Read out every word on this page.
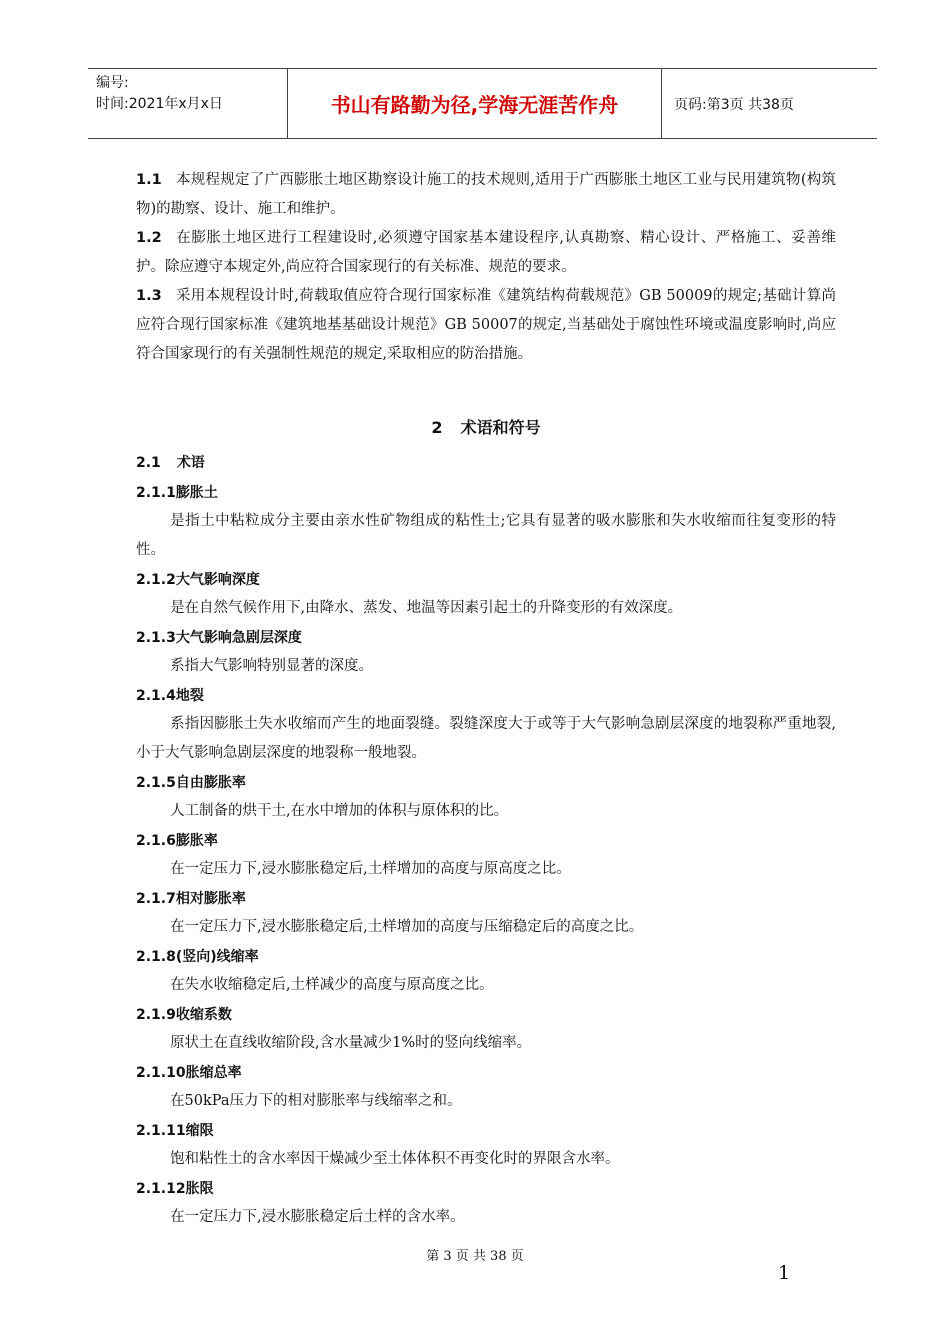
编号:
时间:2021年x月x日	书山有路勤为径,学海无涯苦作舟	页码:第3页 共38页
1.1 本规程规定了广西膨胀土地区勘察设计施工的技术规则,适用于广西膨胀土地区工业与民用建筑物(构筑物)的勘察、设计、施工和维护。
1.2 在膨胀土地区进行工程建设时,必须遵守国家基本建设程序,认真勘察、精心设计、严格施工、妥善维护。除应遵守本规定外,尚应符合国家现行的有关标准、规范的要求。
1.3 采用本规程设计时,荷载取值应符合现行国家标准《建筑结构荷载规范》GB 50009的规定;基础计算尚应符合现行国家标准《建筑地基基础设计规范》GB 50007的规定,当基础处于腐蚀性环境或温度影响时,尚应符合国家现行的有关强制性规范的规定,采取相应的防治措施。
2 术语和符号
2.1 术语
2.1.1膨胀土
是指土中粘粒成分主要由亲水性矿物组成的粘性土;它具有显著的吸水膨胀和失水收缩而往复变形的特性。
2.1.2大气影响深度
是在自然气候作用下,由降水、蒸发、地温等因素引起土的升降变形的有效深度。
2.1.3大气影响急剧层深度
系指大气影响特别显著的深度。
2.1.4地裂
系指因膨胀土失水收缩而产生的地面裂缝。裂缝深度大于或等于大气影响急剧层深度的地裂称严重地裂,小于大气影响急剧层深度的地裂称一般地裂。
2.1.5自由膨胀率
人工制备的烘干土,在水中增加的体积与原体积的比。
2.1.6膨胀率
在一定压力下,浸水膨胀稳定后,土样增加的高度与原高度之比。
2.1.7相对膨胀率
在一定压力下,浸水膨胀稳定后,土样增加的高度与压缩稳定后的高度之比。
2.1.8(竖向)线缩率
在失水收缩稳定后,土样减少的高度与原高度之比。
2.1.9收缩系数
原状土在直线收缩阶段,含水量减少1%时的竖向线缩率。
2.1.10胀缩总率
在50kPa压力下的相对膨胀率与线缩率之和。
2.1.11缩限
饱和粘性土的含水率因干燥减少至土体体积不再变化时的界限含水率。
2.1.12胀限
在一定压力下,浸水膨胀稳定后土样的含水率。
第 3 页 共 38 页
1
